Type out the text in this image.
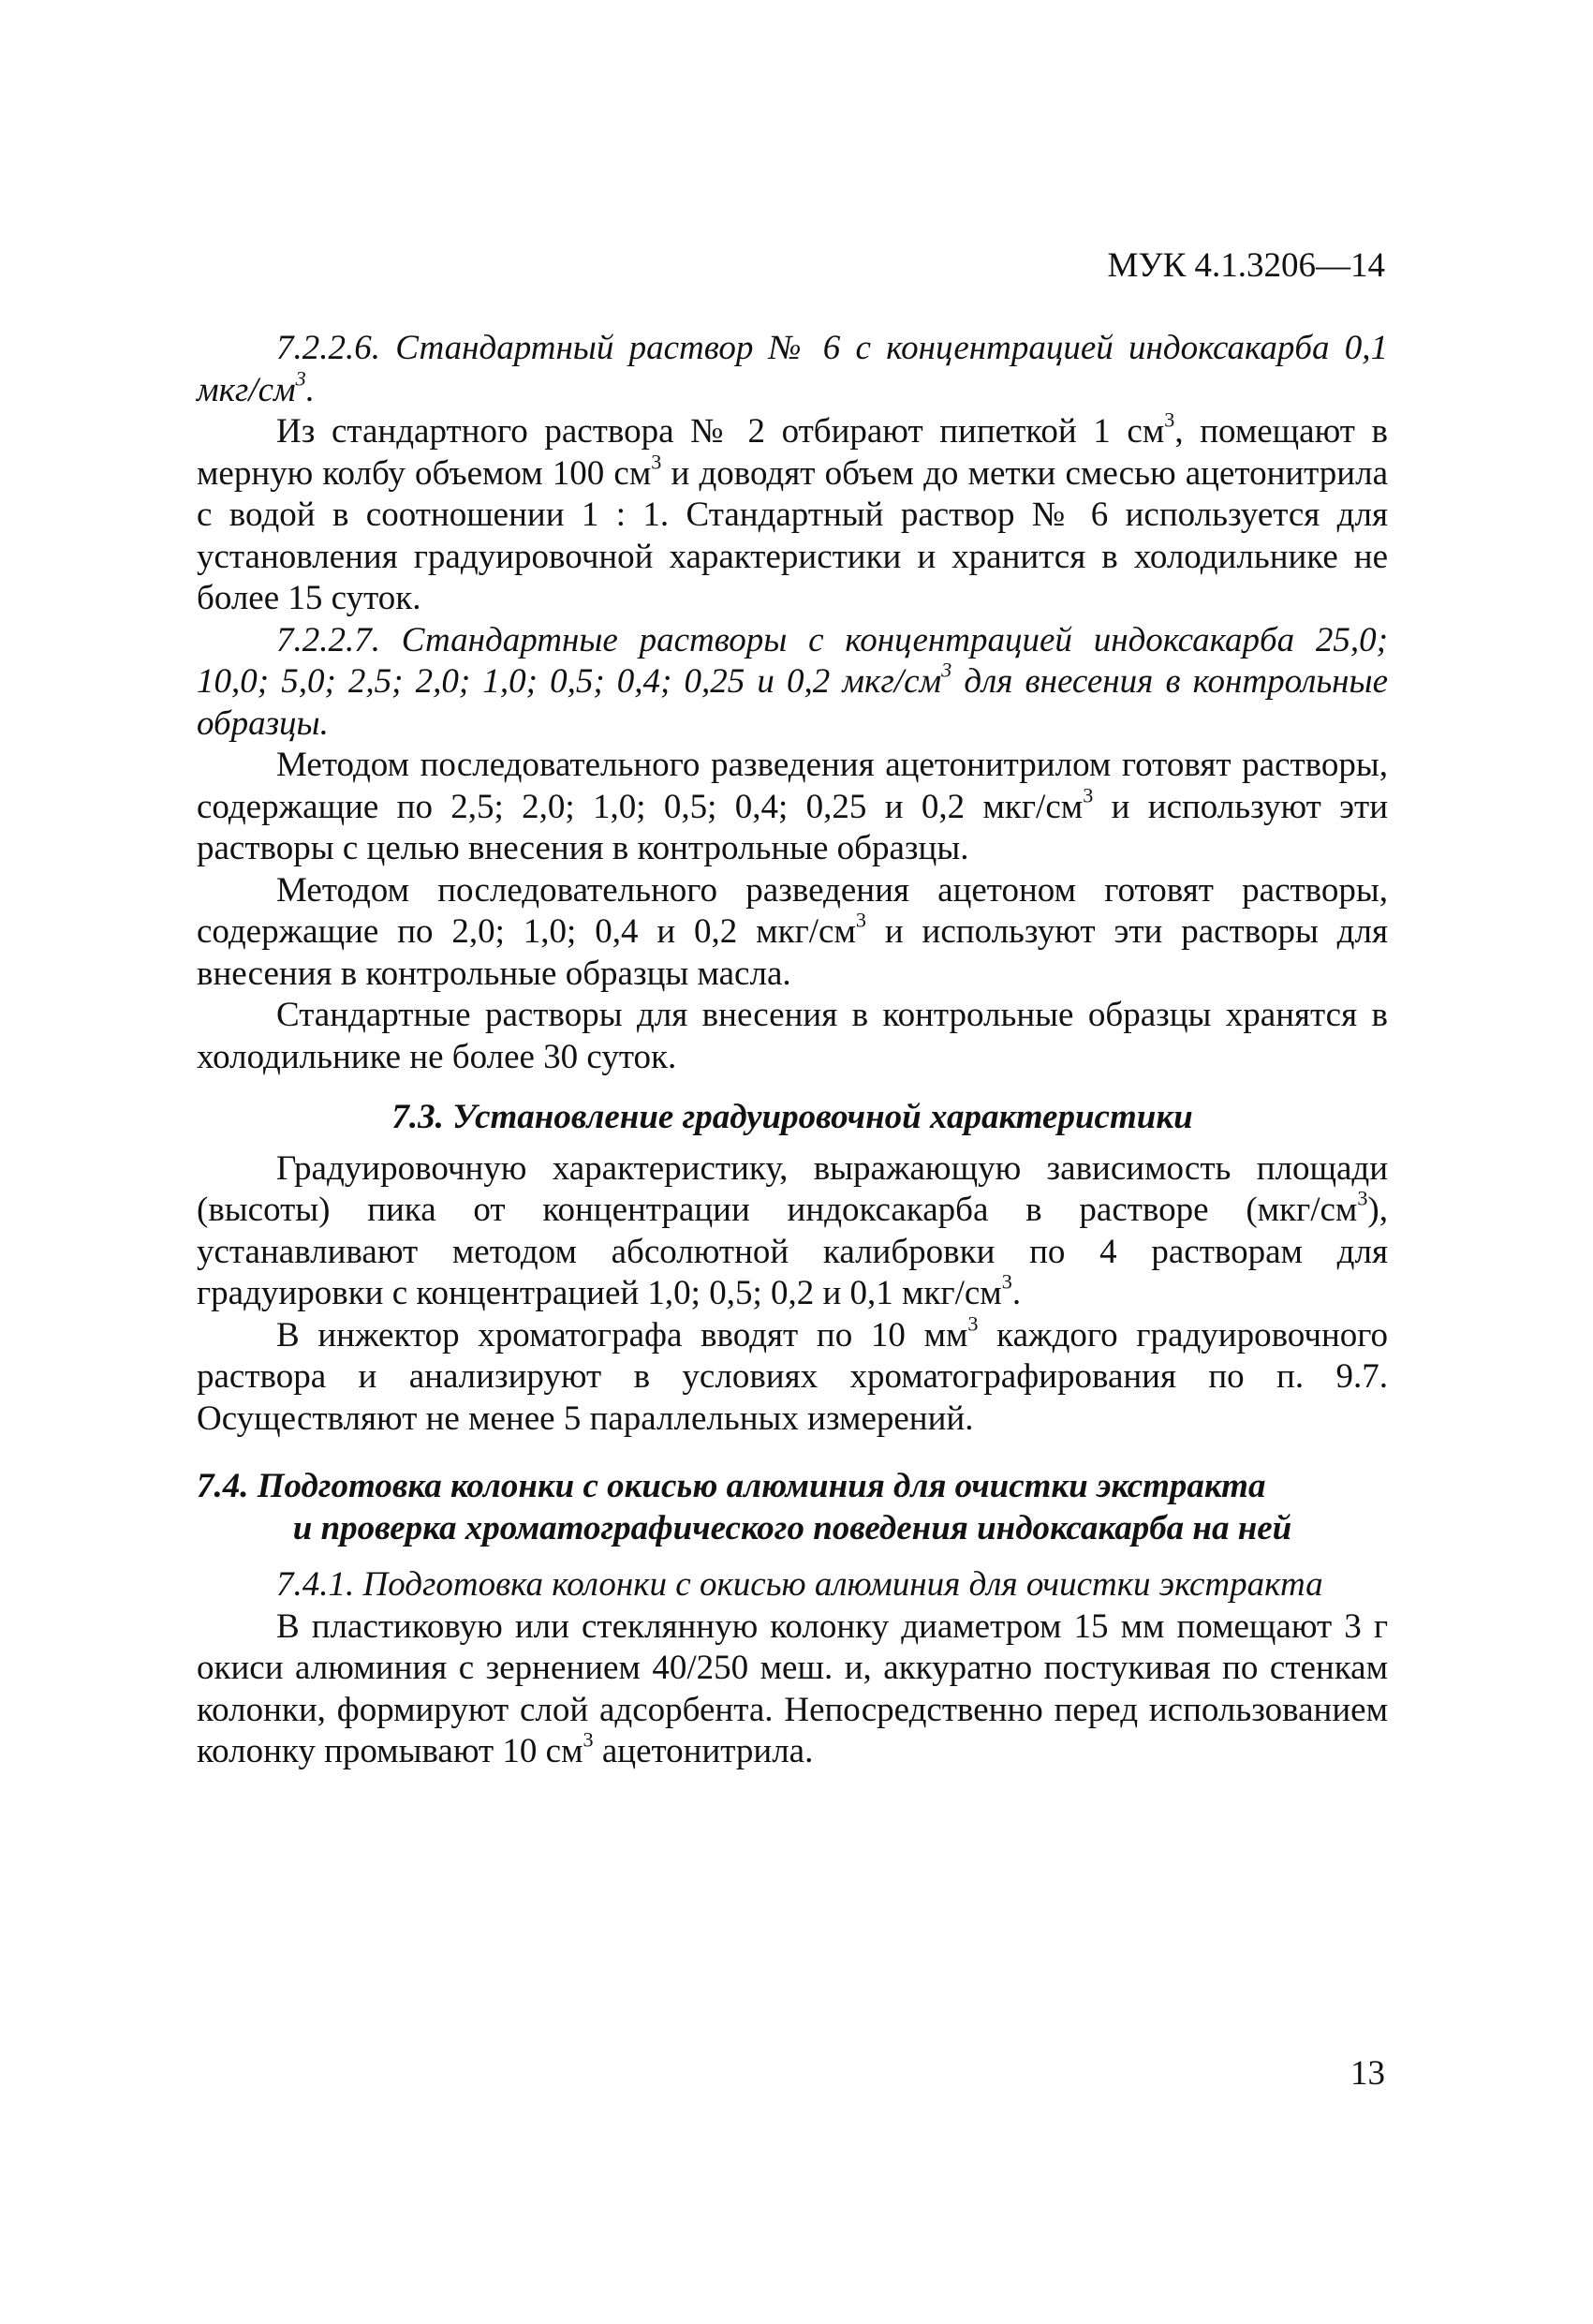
МУК 4.1.3206—14

7.2.2.6. Стандартный раствор № 6 с концентрацией индоксакарба 0,1 мкг/$см^3$.

Из стандартного раствора № 2 отбирают пипеткой 1 $см^3$, помещают в мерную колбу объемом 100 $см^3$ и доводят объем до метки смесью ацетонитрила с водой в соотношении 1 : 1. Стандартный раствор № 6 используется для установления градуировочной характеристики и хранится в холодильнике не более 15 суток.

7.2.2.7. Стандартные растворы с концентрацией индоксакарба 25,0; 10,0; 5,0; 2,5; 2,0; 1,0; 0,5; 0,4; 0,25 и 0,2 мкг/$см^3$ для внесения в контрольные образцы.

Методом последовательного разведения ацетонитрилом готовят растворы, содержащие по 2,5; 2,0; 1,0; 0,5; 0,4; 0,25 и 0,2 мкг/$см^3$ и используют эти растворы с целью внесения в контрольные образцы.

Методом последовательного разведения ацетоном готовят растворы, содержащие по 2,0; 1,0; 0,4 и 0,2 мкг/$см^3$ и используют эти растворы для внесения в контрольные образцы масла.

Стандартные растворы для внесения в контрольные образцы хранятся в холодильнике не более 30 суток.

7.3. Установление градуировочной характеристики

Градуировочную характеристику, выражающую зависимость площади (высоты) пика от концентрации индоксакарба в растворе $(мкг/см^3)$, устанавливают методом абсолютной калибровки по 4 растворам для градуировки с концентрацией 1,0; 0,5; 0,2 и 0,1 мкг/$см^3$.

В инжектор хроматографа вводят по 10 $мм^3$ каждого градуировочного раствора и анализируют в условиях хроматографирования по п. 9.7. Осуществляют не менее 5 параллельных измерений.

7.4. Подготовка колонки с окисью алюминия для очистки экстракта
и проверка хроматографического поведения индоксакарба на ней

7.4.1. Подготовка колонки с окисью алюминия для очистки экстракта

В пластиковую или стеклянную колонку диаметром 15 мм помещают 3 г окиси алюминия с зернением 40/250 меш. и, аккуратно постукивая по стенкам колонки, формируют слой адсорбента. Непосредственно перед использованием колонку промывают 10 $см^3$ ацетонитрила.

13
